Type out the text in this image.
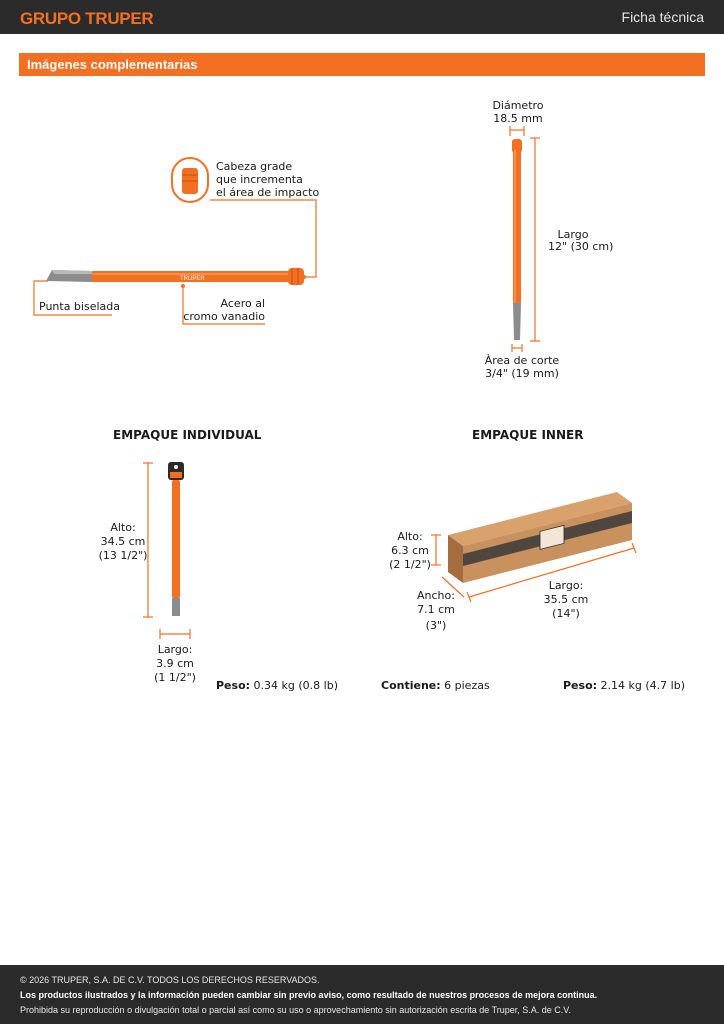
GRUPO TRUPER	Ficha técnica
Imágenes complementarias
TRUPER
Cabeza grade
que incrementa
el área de impacto
Punta biselada	Acero al
cromo vanadio
Diámetro
18.5 mm
Largo
12" (30 cm)
Àrea de corte
3/4" (19 mm)
EMPAQUE INDIVIDUAL
Alto:
34.5 cm
(13 1/2")
Largo:
3.9 cm
(1 1/2")
Peso: 0.34 kg (0.8 lb)
EMPAQUE INNER
Alto:
6.3 cm
(2 1/2")
Ancho:
7.1 cm
(3")
Largo:
35.5 cm
(14")
Contiene: 6 piezas	Peso: 2.14 kg (4.7 lb)
© 2026 TRUPER, S.A. DE C.V. TODOS LOS DERECHOS RESERVADOS.
Los productos ilustrados y la información pueden cambiar sin previo aviso, como resultado de nuestros procesos de mejora continua.
Prohibida su reproducción o divulgación total o parcial así como su uso o aprovechamiento sin autorización escrita de Truper, S.A. de C.V.
